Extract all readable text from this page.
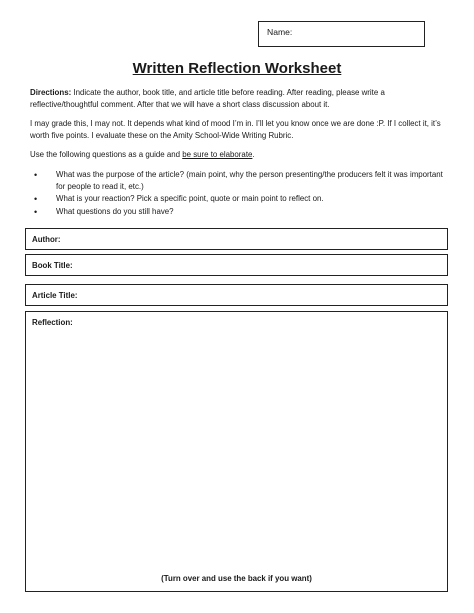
Name:
Written Reflection Worksheet
Directions: Indicate the author, book title, and article title before reading. After reading, please write a reflective/thoughtful comment. After that we will have a short class discussion about it.
I may grade this, I may not. It depends what kind of mood I’m in. I’ll let you know once we are done :P. If I collect it, it’s worth five points. I evaluate these on the Amity School-Wide Writing Rubric.
Use the following questions as a guide and be sure to elaborate.
• What was the purpose of the article? (main point, why the person presenting/the producers felt it was important for people to read it, etc.)
• What is your reaction? Pick a specific point, quote or main point to reflect on.
• What questions do you still have?
Author:
Book Title:
Article Title:
Reflection:
(Turn over and use the back if you want)
